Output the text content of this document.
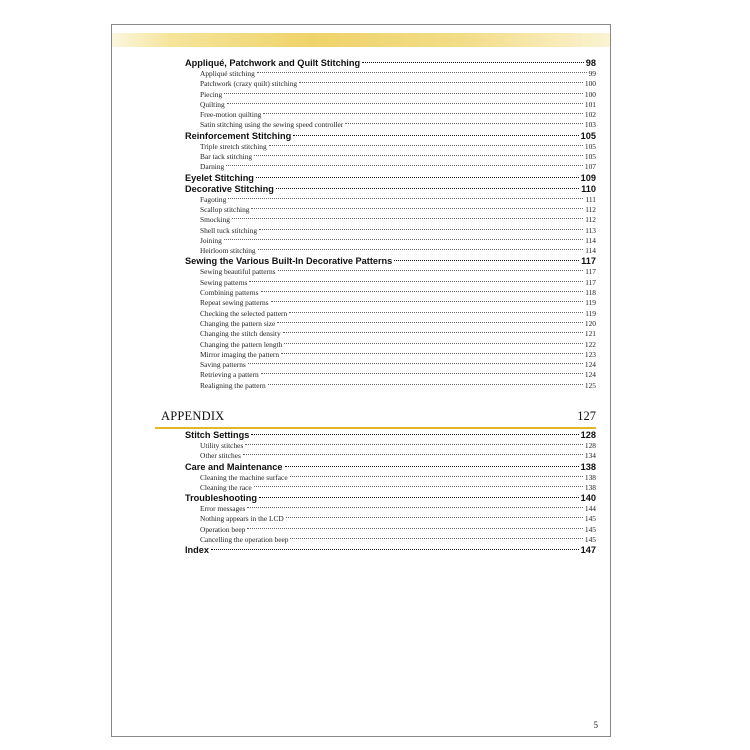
Appliqué, Patchwork and Quilt Stitching	98
Appliqué stitching	99
Patchwork (crazy quilt) stitching	100
Piecing	100
Quilting	101
Free-motion quilting	102
Satin stitching using the sewing speed controller	103
Reinforcement Stitching	105
Triple stretch stitching	105
Bar tack stitching	105
Darning	107
Eyelet Stitching	109
Decorative Stitching	110
Fagoting	111
Scallop stitching	112
Smocking	112
Shell tuck stitching	113
Joining	114
Heirloom stitching	114
Sewing the Various Built-In Decorative Patterns	117
Sewing beautiful patterns	117
Sewing patterns	117
Combining patterns	118
Repeat sewing patterns	119
Checking the selected pattern	119
Changing the pattern size	120
Changing the stitch density	121
Changing the pattern length	122
Mirror imaging the pattern	123
Saving patterns	124
Retrieving a pattern	124
Realigning the pattern	125
APPENDIX	127
Stitch Settings	128
Utility stitches	128
Other stitches	134
Care and Maintenance	138
Cleaning the machine surface	138
Cleaning the race	138
Troubleshooting	140
Error messages	144
Nothing appears in the LCD	145
Operation beep	145
Cancelling the operation beep	145
Index	147
5
